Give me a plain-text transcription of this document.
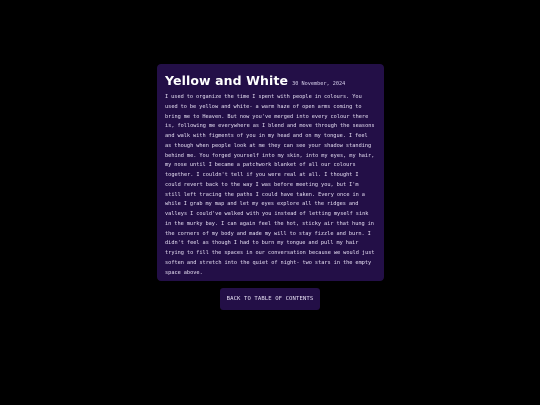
Yellow and White 30 November, 2024

I used to organize the time I spent with people in colours. You used to be yellow and white- a warm haze of open arms coming to bring me to Heaven. But now you've merged into every colour there is, following me everywhere as I blend and move through the seasons and walk with figments of you in my head and on my tongue. I feel as though when people look at me they can see your shadow standing behind me. You forged yourself into my skin, into my eyes, my hair, my nose until I became a patchwork blanket of all our colours together. I couldn't tell if you were real at all. I thought I could revert back to the way I was before meeting you, but I'm still left tracing the paths I could have taken. Every once in a while I grab my map and let my eyes explore all the ridges and valleys I could've walked with you instead of letting myself sink in the murky bay. I can again feel the hot, sticky air that hung in the corners of my body and made my will to stay fizzle and burn. I didn't feel as though I had to burn my tongue and pull my hair trying to fill the spaces in our conversation because we would just soften and stretch into the quiet of night- two stars in the empty space above.

BACK TO TABLE OF CONTENTS
